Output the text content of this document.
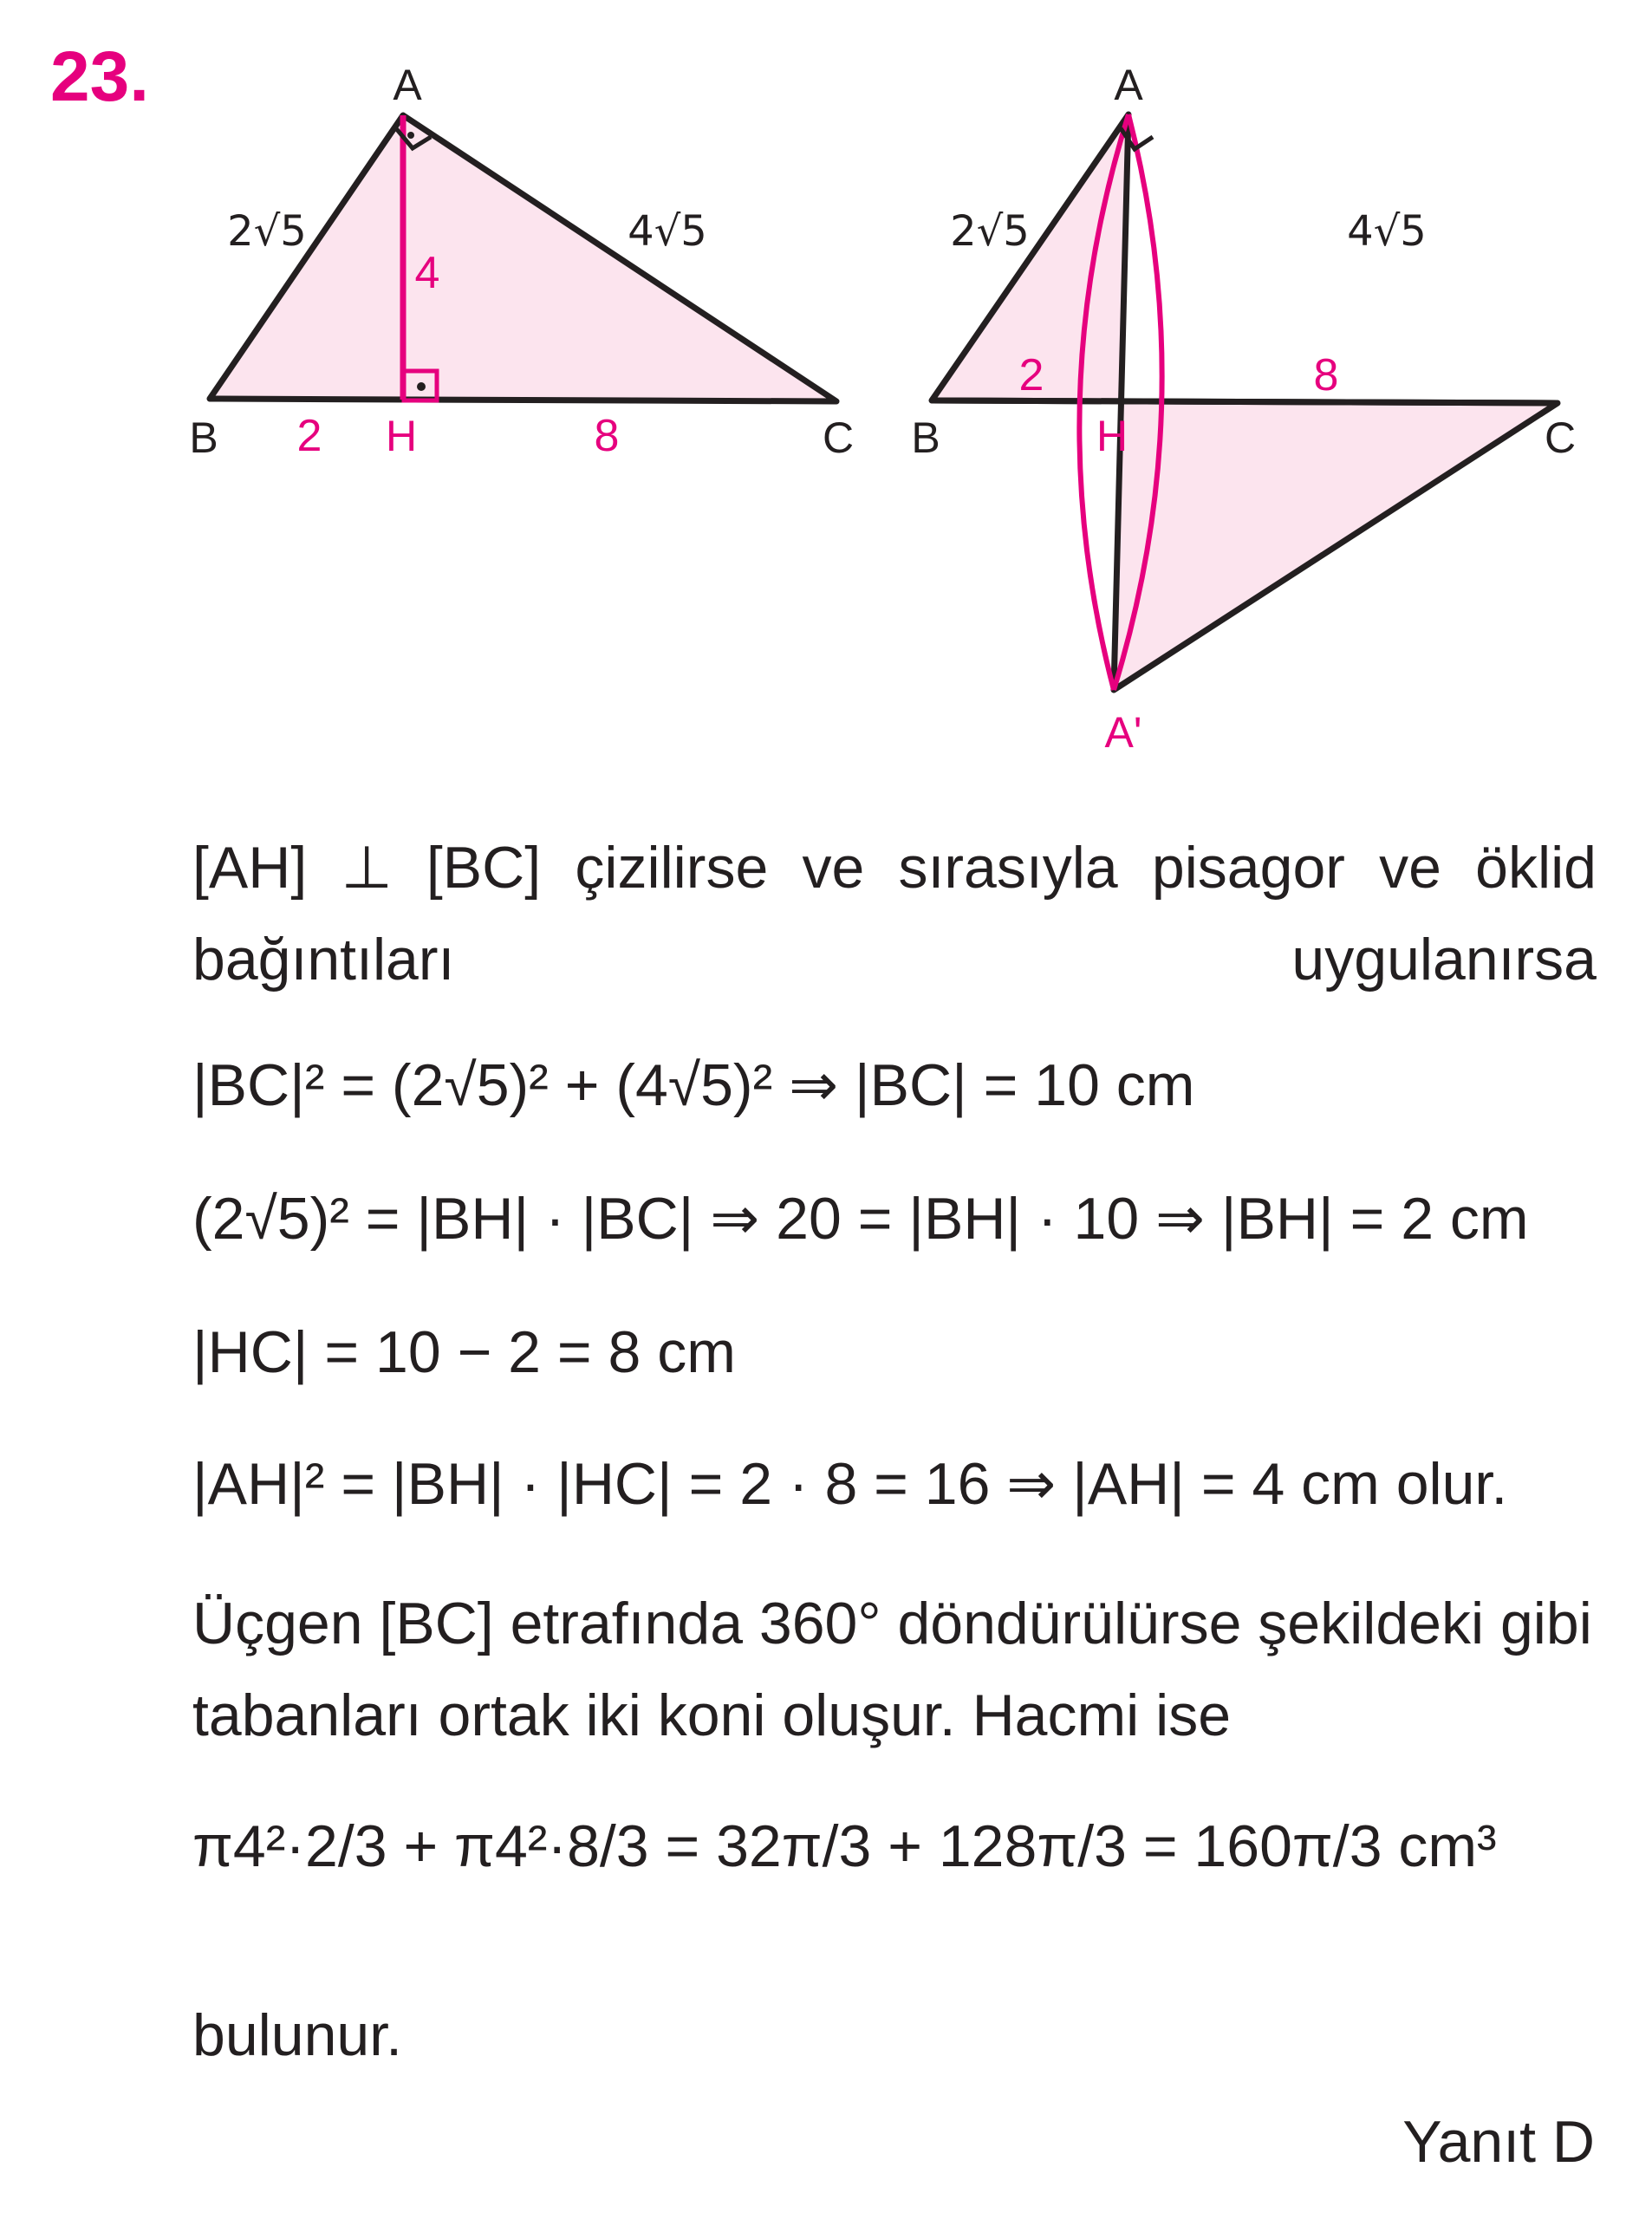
23.	A
B	C
H
2√5	4√5
4
2	8
A
B	C
H
A'
2√5	4√5
2	8
[AH] ⊥ [BC] çizilirse ve sırasıyla pisagor ve öklid bağıntıları uygulanırsa
|BC|² = (2√5)² + (4√5)² ⇒ |BC| = 10 cm
(2√5)² = |BH| · |BC| ⇒ 20 = |BH| · 10 ⇒ |BH| = 2 cm
|HC| = 10 − 2 = 8 cm
|AH|² = |BH| · |HC| = 2 · 8 = 16 ⇒ |AH| = 4 cm olur.
Üçgen [BC] etrafında 360° döndürülürse şekildeki gibi tabanları ortak iki koni oluşur. Hacmi ise
π4²·2/3 + π4²·8/3 = 32π/3 + 128π/3 = 160π/3 cm³
bulunur.
Yanıt D
